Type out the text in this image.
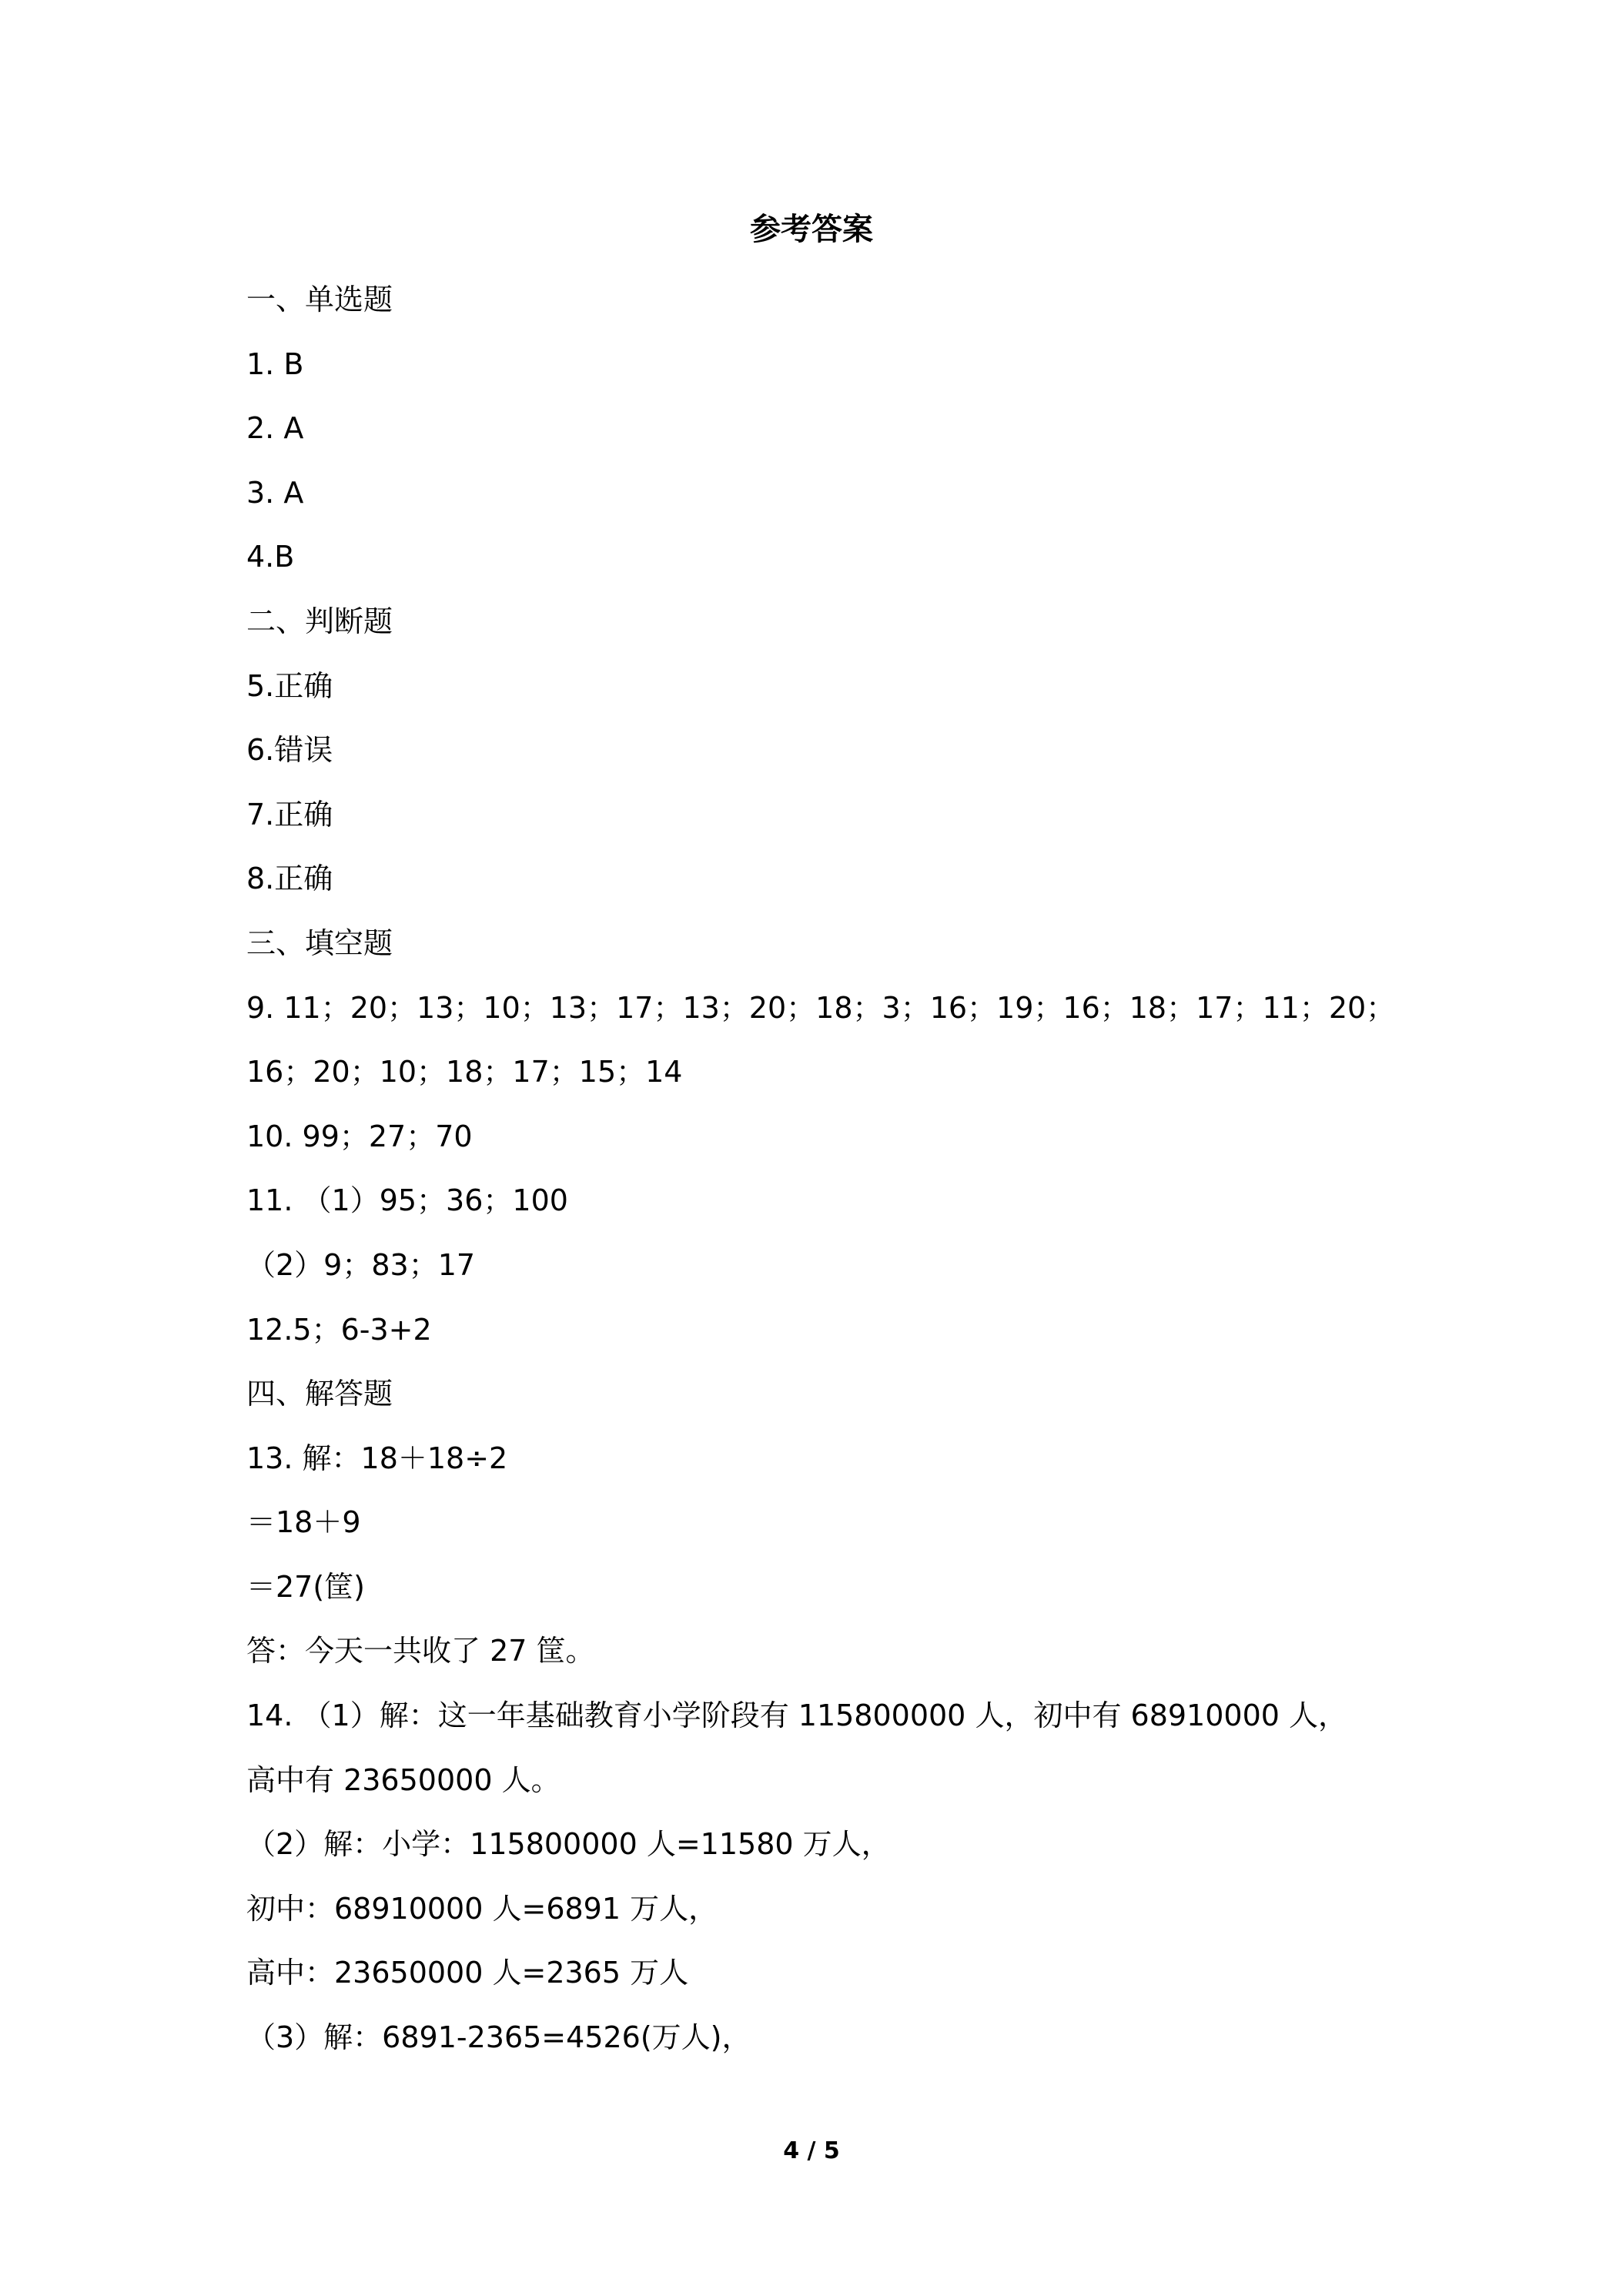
参考答案
一、单选题
1. B
2. A
3. A
4.B
二、判断题
5.正确
6.错误
7.正确
8.正确
三、填空题
9. 11；20；13；10；13；17；13；20；18；3；16；19；16；18；17；11；20；
16；20；10；18；17；15；14
10. 99；27；70
11. （1）95；36；100
（2）9；83；17
12.5；6-3+2
四、解答题
13. 解：18＋18÷2
＝18＋9
＝27(筐)
答：今天一共收了 27 筐。
14. （1）解：这一年基础教育小学阶段有 115800000 人，初中有 68910000 人，
高中有 23650000 人。
（2）解：小学：115800000 人=11580 万人，
初中：68910000 人=6891 万人，
高中：23650000 人=2365 万人
（3）解：6891-2365=4526(万人)，
4 / 5
